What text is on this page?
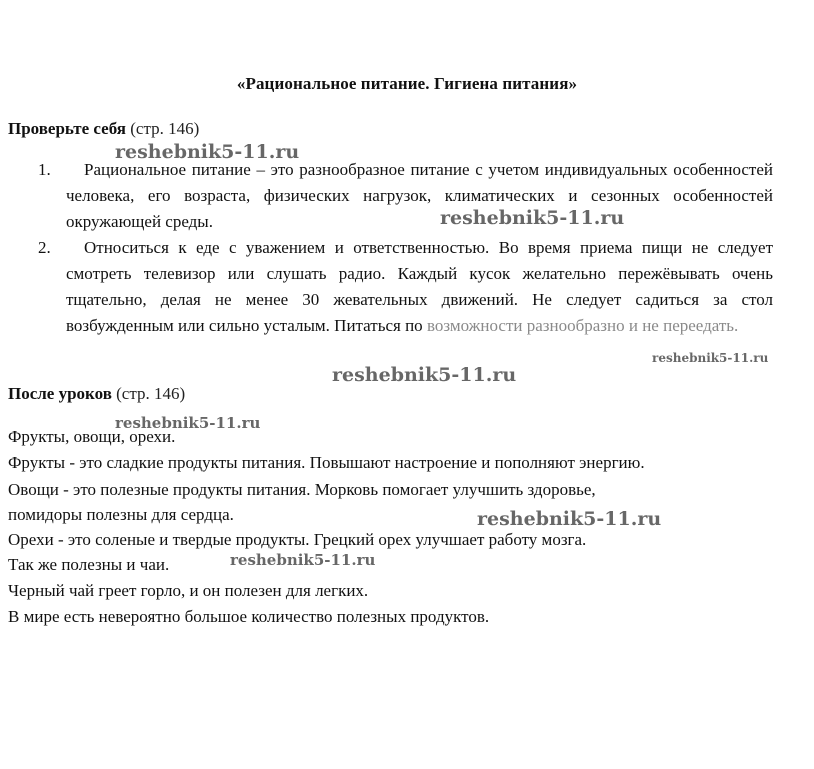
«Рациональное питание. Гигиена питания»
Проверьте себя (стр. 146)
1.	Рациональное питание – это разнообразное питание с учетом индивидуальных особенностей человека, его возраста, физических нагрузок, климатических и сезонных особенностей окружающей среды.
2.	Относиться к еде с уважением и ответственностью. Во время приема пищи не следует смотреть телевизор или слушать радио. Каждый кусок желательно пережёвывать очень тщательно, делая не менее 30 жевательных движений. Не следует садиться за стол возбужденным или сильно усталым. Питаться по возможности разнообразно и не переедать.
После уроков (стр. 146)
Фрукты, овощи, орехи.
Фрукты - это сладкие продукты питания. Повышают настроение и пополняют энергию.
Овощи - это полезные продукты питания. Морковь помогает улучшить здоровье,
помидоры полезны для сердца.
Орехи - это соленые и твердые продукты. Грецкий орех улучшает работу мозга.
Так же полезны и чаи.
Черный чай греет горло, и он полезен для легких.
В мире есть невероятно большое количество полезных продуктов.
reshebnik5-11.ru
reshebnik5-11.ru
reshebnik5-11.ru
reshebnik5-11.ru
reshebnik5-11.ru
reshebnik5-11.ru
reshebnik5-11.ru
